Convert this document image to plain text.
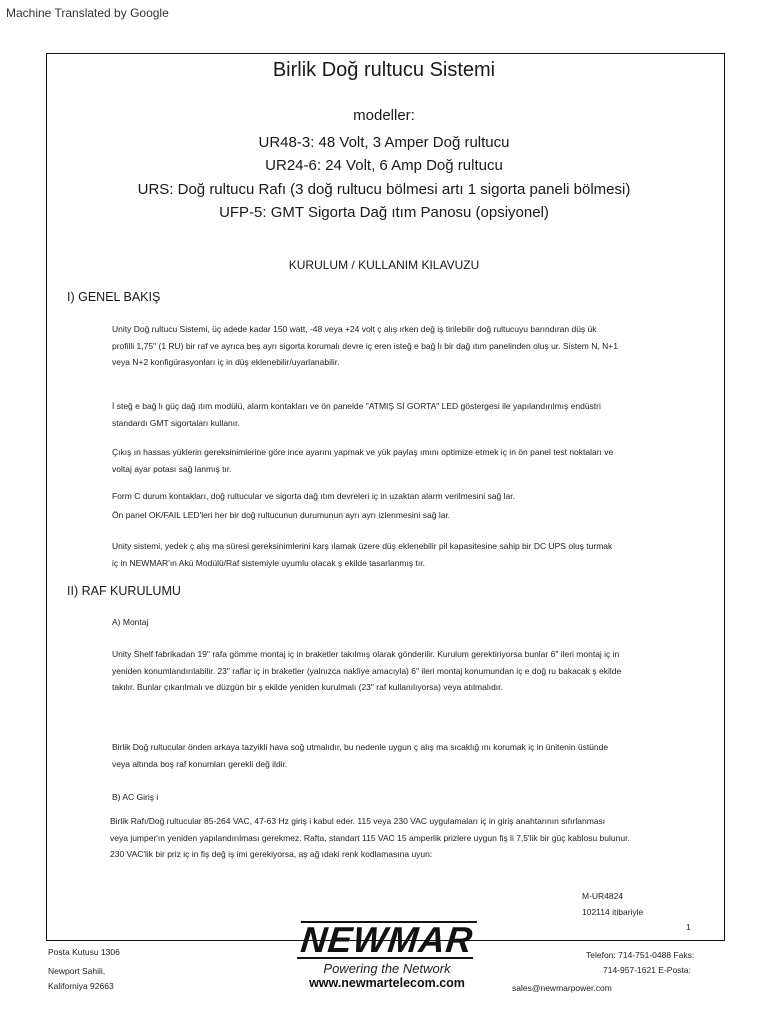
Machine Translated by Google
Birlik Doğ rultucu Sistemi
modeller:
UR48-3: 48 Volt, 3 Amper Doğ rultucu
UR24-6: 24 Volt, 6 Amp Doğ rultucu
URS: Doğ rultucu Rafı (3 doğ rultucu bölmesi artı 1 sigorta paneli bölmesi)
UFP-5: GMT Sigorta Dağ ıtım Panosu (opsiyonel)
KURULUM / KULLANIM KILAVUZU
I) GENEL BAKIŞ
Unity Doğ rultucu Sistemi, üç adede kadar 150 watt, -48 veya +24 volt ç alış ırken değ iş tirilebilir doğ rultucuyu barındıran düş ük
profilli 1,75" (1 RU) bir raf ve ayrıca beş ayrı sigorta korumalı devre iç eren isteğ e bağ lı bir dağ ıtım panelinden oluş ur. Sistem N, N+1
veya N+2 konfigürasyonları iç in düş eklenebilir/uyarlanabilir.
İ steğ e bağ lı güç dağ ıtım modülü, alarm kontakları ve ön panelde "ATMIŞ Sİ GORTA" LED göstergesi ile yapılandırılmış endüstri
standardı GMT sigortaları kullanır.
Çıkış ın hassas yüklerin gereksinimlerine göre ince ayarını yapmak ve yük paylaş ımını optimize etmek iç in ön panel test noktaları ve
voltaj ayar potası sağ lanmış tır.
Form C durum kontakları, doğ rultucular ve sigorta dağ ıtım devreleri iç in uzaktan alarm verilmesini sağ lar.
Ön panel OK/FAIL LED'leri her bir doğ rultucunun durumunun ayrı ayrı izlenmesini sağ lar.
Unity sistemi, yedek ç alış ma süresi gereksinimlerini karş ılamak üzere düş eklenebilir pil kapasitesine sahip bir DC UPS oluş turmak
iç in NEWMAR'ın Akü Modülü/Raf sistemiyle uyumlu olacak ş ekilde tasarlanmış tır.
II) RAF KURULUMU
A) Montaj
Unity Shelf fabrikadan 19" rafa gömme montaj iç in braketler takılmış olarak gönderilir. Kurulum gerektiriyorsa bunlar 6" ileri montaj iç in
yeniden konumlandırılabilir. 23" raflar iç in braketler (yalnızca nakliye amacıyla) 6" ileri montaj konumundan iç e doğ ru bakacak ş ekilde
takılır. Bunlar çıkarılmalı ve düzgün bir ş ekilde yeniden kurulmalı (23" raf kullanılıyorsa) veya atılmalıdır.
Birlik Doğ rultucular önden arkaya tazyikli hava soğ utmalıdır, bu nedenle uygun ç alış ma sıcaklığ ını korumak iç in ünitenin üstünde
veya altında boş raf konumları gerekli değ ildir.
B) AC Giriş i
Birlik Rafı/Doğ rultucular 85-264 VAC, 47-63 Hz giriş i kabul eder. 115 veya 230 VAC uygulamaları iç in giriş anahtarının sıfırlanması
veya jumper'ın yeniden yapılandırılması gerekmez. Rafta, standart 115 VAC 15 amperlik prizlere uygun fiş li 7,5'lik bir güç kablosu bulunur.
230 VAC'lik bir priz iç in fiş değ iş imi gerekiyorsa, aş ağ ıdaki renk kodlamasına uyun:
M-UR4824
102114 itibariyle
1
Posta Kutusu 1306
Newport Sahili,
Kaliforniya 92663
NEWMAR
Powering the Network
www.newmartelecom.com
Telefon: 714-751-0488 Faks:
714-957-1621 E-Posta:
sales@newmarpower.com
